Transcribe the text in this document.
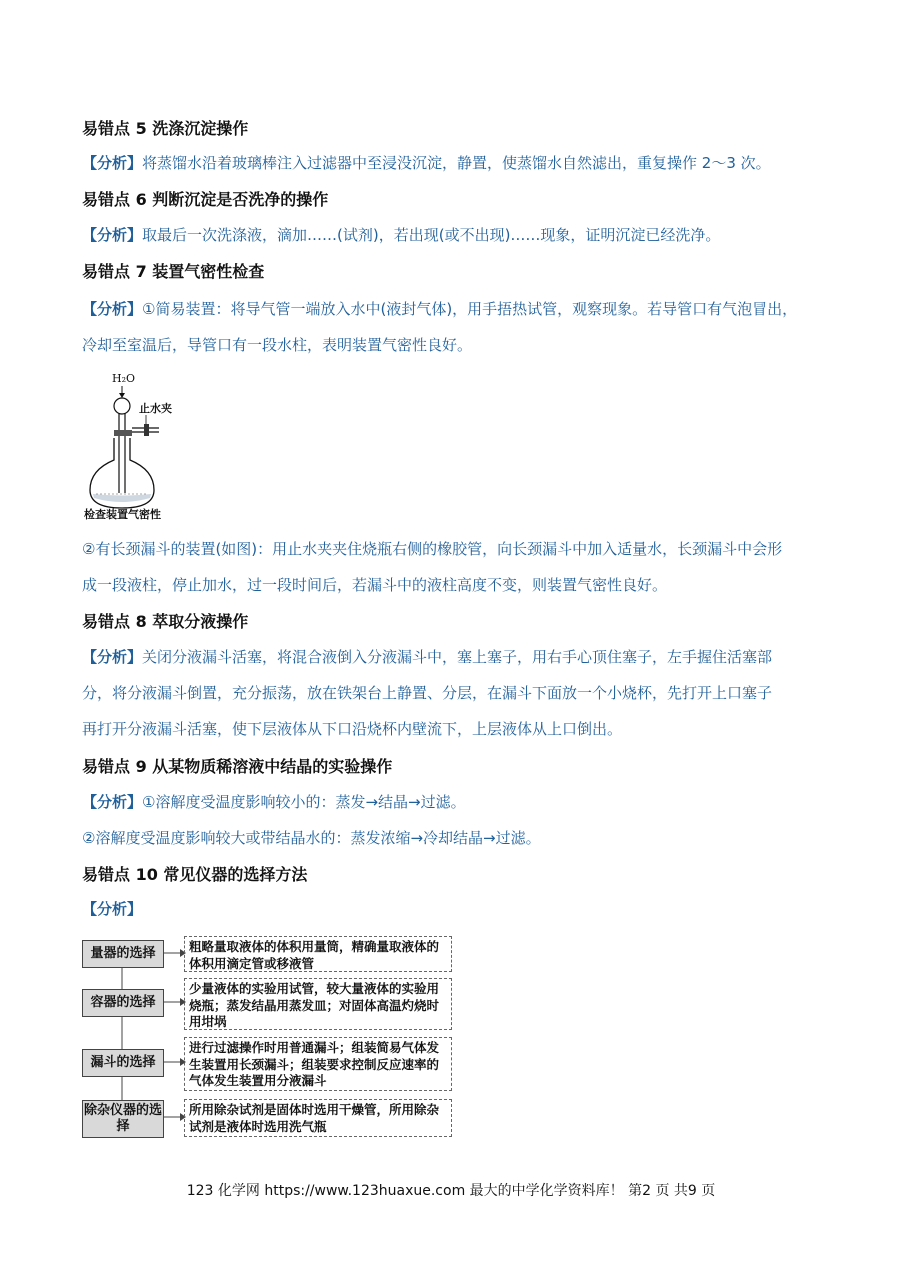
易错点 5 洗涤沉淀操作
【分析】将蒸馏水沿着玻璃棒注入过滤器中至浸没沉淀，静置，使蒸馏水自然滤出，重复操作 2～3 次。
易错点 6 判断沉淀是否洗净的操作
【分析】取最后一次洗涤液，滴加……(试剂)，若出现(或不出现)……现象，证明沉淀已经洗净。
易错点 7 装置气密性检查
【分析】①简易装置：将导气管一端放入水中(液封气体)，用手捂热试管，观察现象。若导管口有气泡冒出，
冷却至室温后，导管口有一段水柱，表明装置气密性良好。
H₂O
止水夹
检查装置气密性
②有长颈漏斗的装置(如图)：用止水夹夹住烧瓶右侧的橡胶管，向长颈漏斗中加入适量水，长颈漏斗中会形
成一段液柱，停止加水，过一段时间后，若漏斗中的液柱高度不变，则装置气密性良好。
易错点 8 萃取分液操作
【分析】关闭分液漏斗活塞，将混合液倒入分液漏斗中，塞上塞子，用右手心顶住塞子，左手握住活塞部
分，将分液漏斗倒置，充分振荡，放在铁架台上静置、分层，在漏斗下面放一个小烧杯，先打开上口塞子
再打开分液漏斗活塞，使下层液体从下口沿烧杯内壁流下，上层液体从上口倒出。
易错点 9 从某物质稀溶液中结晶的实验操作
【分析】①溶解度受温度影响较小的：蒸发→结晶→过滤。
②溶解度受温度影响较大或带结晶水的：蒸发浓缩→冷却结晶→过滤。
易错点 10 常见仪器的选择方法
【分析】
量器的选择	粗略量取液体的体积用量筒，精确量取液体的体积用滴定管或移液管
容器的选择
少量液体的实验用试管，较大量液体的实验用烧瓶；蒸发结晶用蒸发皿；对固体高温灼烧时用坩埚
漏斗的选择
进行过滤操作时用普通漏斗；组装简易气体发生装置用长颈漏斗；组装要求控制反应速率的气体发生装置用分液漏斗
除杂仪器的选择
所用除杂试剂是固体时选用干燥管，所用除杂试剂是液体时选用洗气瓶
123 化学网 https://www.123huaxue.com 最大的中学化学资料库！ 第2 页 共9 页
